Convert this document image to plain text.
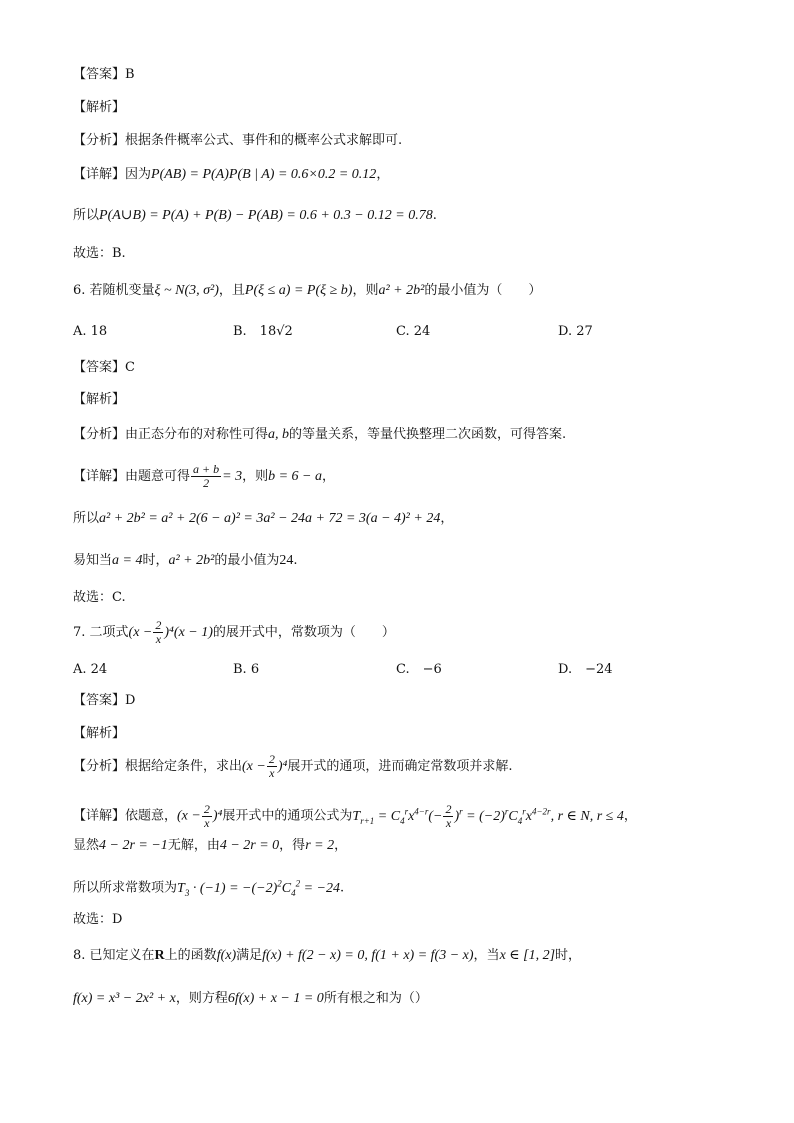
【答案】B
【解析】
【分析】根据条件概率公式、事件和的概率公式求解即可.
【详解】因为P(AB) = P(A)P(B | A) = 0.6×0.2 = 0.12，
所以P(A∪B) = P(A) + P(B) − P(AB) = 0.6 + 0.3 − 0.12 = 0.78.
故选：B.
6. 若随机变量ξ ~ N(3, σ²)，且P(ξ ≤ a) = P(ξ ≥ b)，则a² + 2b²的最小值为（　　）
A. 18	B.　18√2	C. 24	D. 27
【答案】C
【解析】
【分析】由正态分布的对称性可得a, b的等量关系，等量代换整理二次函数，可得答案.
【详解】由题意可得 $\frac{a + b}{2} = 3$，则b = 6 − a，
所以a² + 2b² = a² + 2(6 − a)² = 3a² − 24a + 72 = 3(a − 4)² + 24，
易知当a = 4时，a² + 2b²的最小值为24.
故选：C.
7. 二项式$(x - \frac{2}{x} )^4(x - 1)$的展开式中，常数项为（　　）
A. 24	B. 6	C.　−6	D.　−24
【答案】D
【解析】
【分析】根据给定条件，求出$(x - \frac{2}{x} )^4$展开式的通项，进而确定常数项并求解.
【详解】依题意，$(x - \frac{2}{x} )^4$展开式中的通项公式为$T_{r+1} = C_4^rx^{4-r}(- \frac{2}{x} )^r = (-2)^rC_4^rx^{4-2r}$, r ∈ N, r ≤ 4，
显然4 − 2r = −1无解，由4 − 2r = 0，得r = 2，
所以所求常数项为$T_3 \cdot (-1) = -(-2)^2C_4^2 = -24$.
故选：D
8. 已知定义在R上的函数f(x)满足f(x) + f(2 − x) = 0, f(1 + x) = f(3 − x)，当x ∈ [1, 2]时，
f(x) = x³ − 2x² + x，则方程6f(x) + x − 1 = 0所有根之和为（）
